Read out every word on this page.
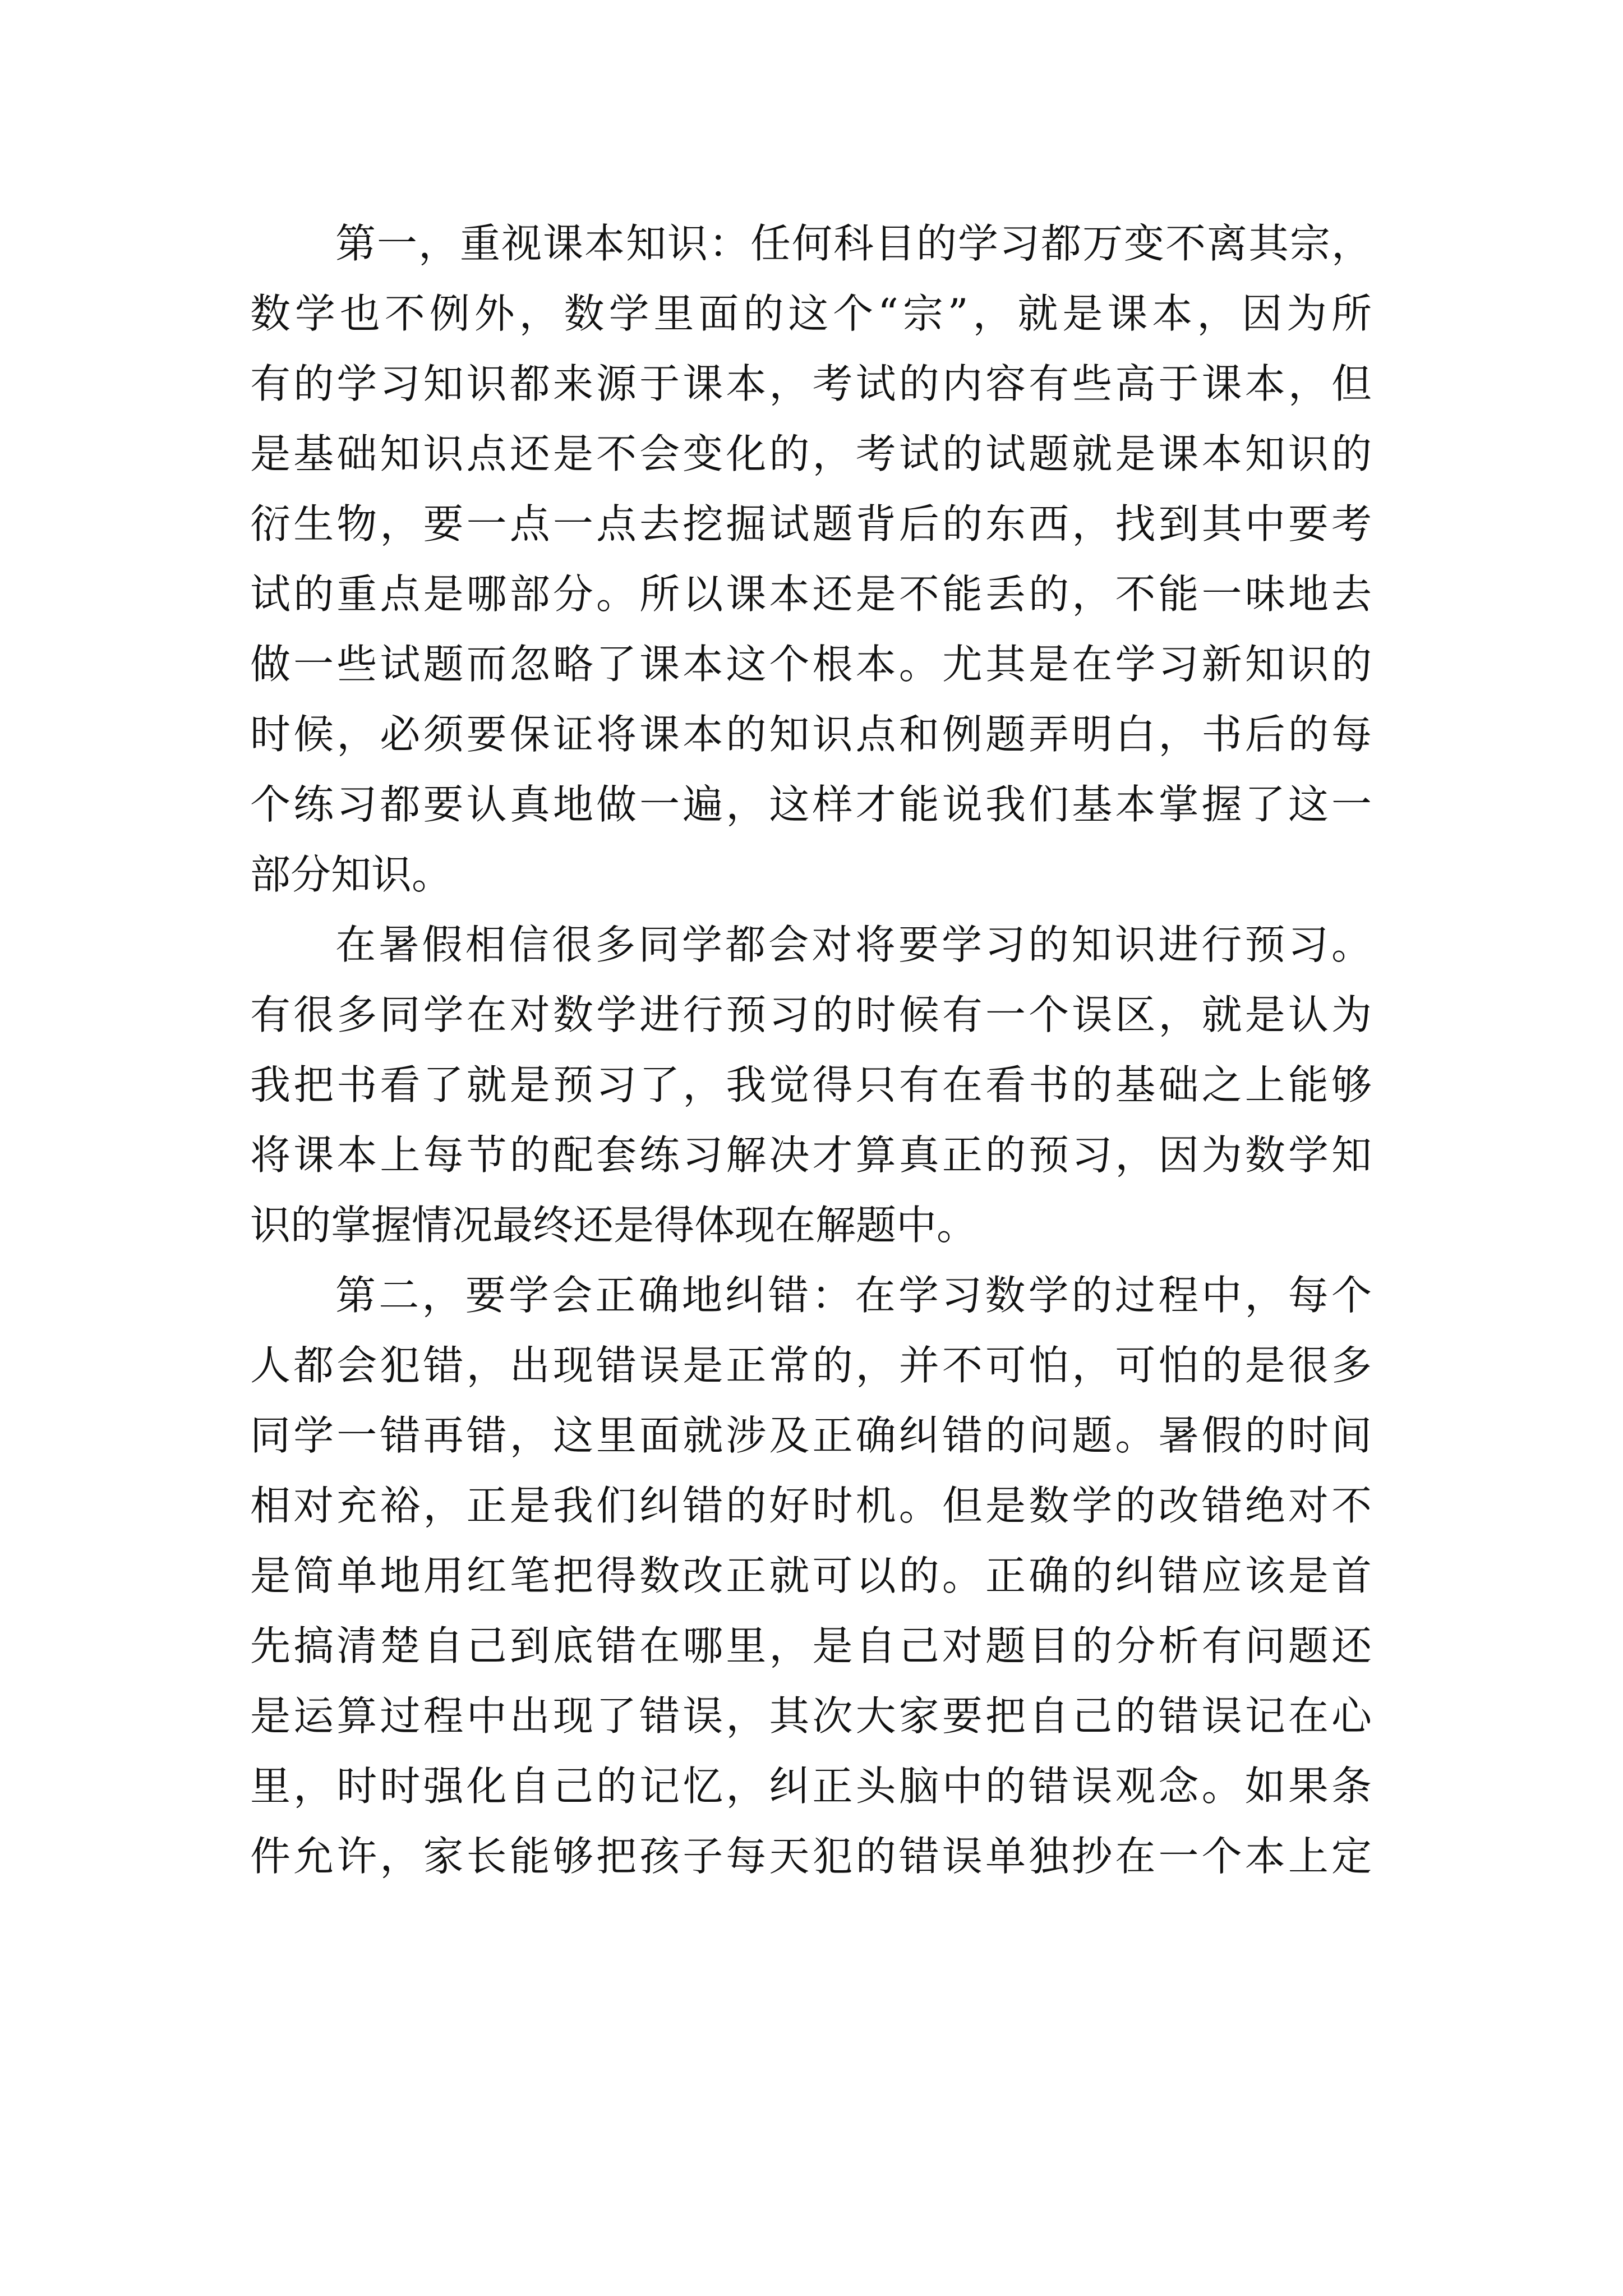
第一，重视课本知识：任何科目的学习都万变不离其宗，
数学也不例外，数学里面的这个“宗”，就是课本，因为所
有的学习知识都来源于课本，考试的内容有些高于课本，但
是基础知识点还是不会变化的，考试的试题就是课本知识的
衍生物，要一点一点去挖掘试题背后的东西，找到其中要考
试的重点是哪部分。所以课本还是不能丢的，不能一味地去
做一些试题而忽略了课本这个根本。尤其是在学习新知识的
时候，必须要保证将课本的知识点和例题弄明白，书后的每
个练习都要认真地做一遍，这样才能说我们基本掌握了这一
部分知识。
在暑假相信很多同学都会对将要学习的知识进行预习。
有很多同学在对数学进行预习的时候有一个误区，就是认为
我把书看了就是预习了，我觉得只有在看书的基础之上能够
将课本上每节的配套练习解决才算真正的预习，因为数学知
识的掌握情况最终还是得体现在解题中。
第二，要学会正确地纠错：在学习数学的过程中，每个
人都会犯错，出现错误是正常的，并不可怕，可怕的是很多
同学一错再错，这里面就涉及正确纠错的问题。暑假的时间
相对充裕，正是我们纠错的好时机。但是数学的改错绝对不
是简单地用红笔把得数改正就可以的。正确的纠错应该是首
先搞清楚自己到底错在哪里，是自己对题目的分析有问题还
是运算过程中出现了错误，其次大家要把自己的错误记在心
里，时时强化自己的记忆，纠正头脑中的错误观念。如果条
件允许，家长能够把孩子每天犯的错误单独抄在一个本上定
